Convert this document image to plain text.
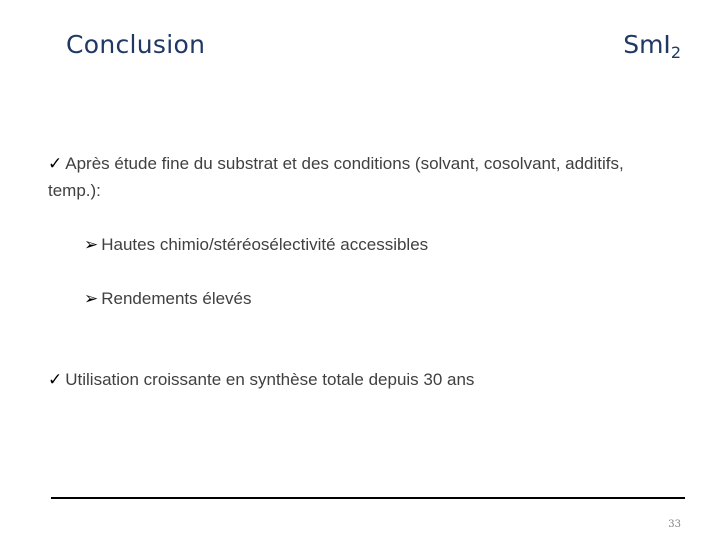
Conclusion	SmI$_2$

✓ Après étude fine du substrat et des conditions (solvant, cosolvant, additifs, temp.):

➢ Hautes chimio/stéréosélectivité accessibles

➢ Rendements élevés

✓ Utilisation croissante en synthèse totale depuis 30 ans

33
